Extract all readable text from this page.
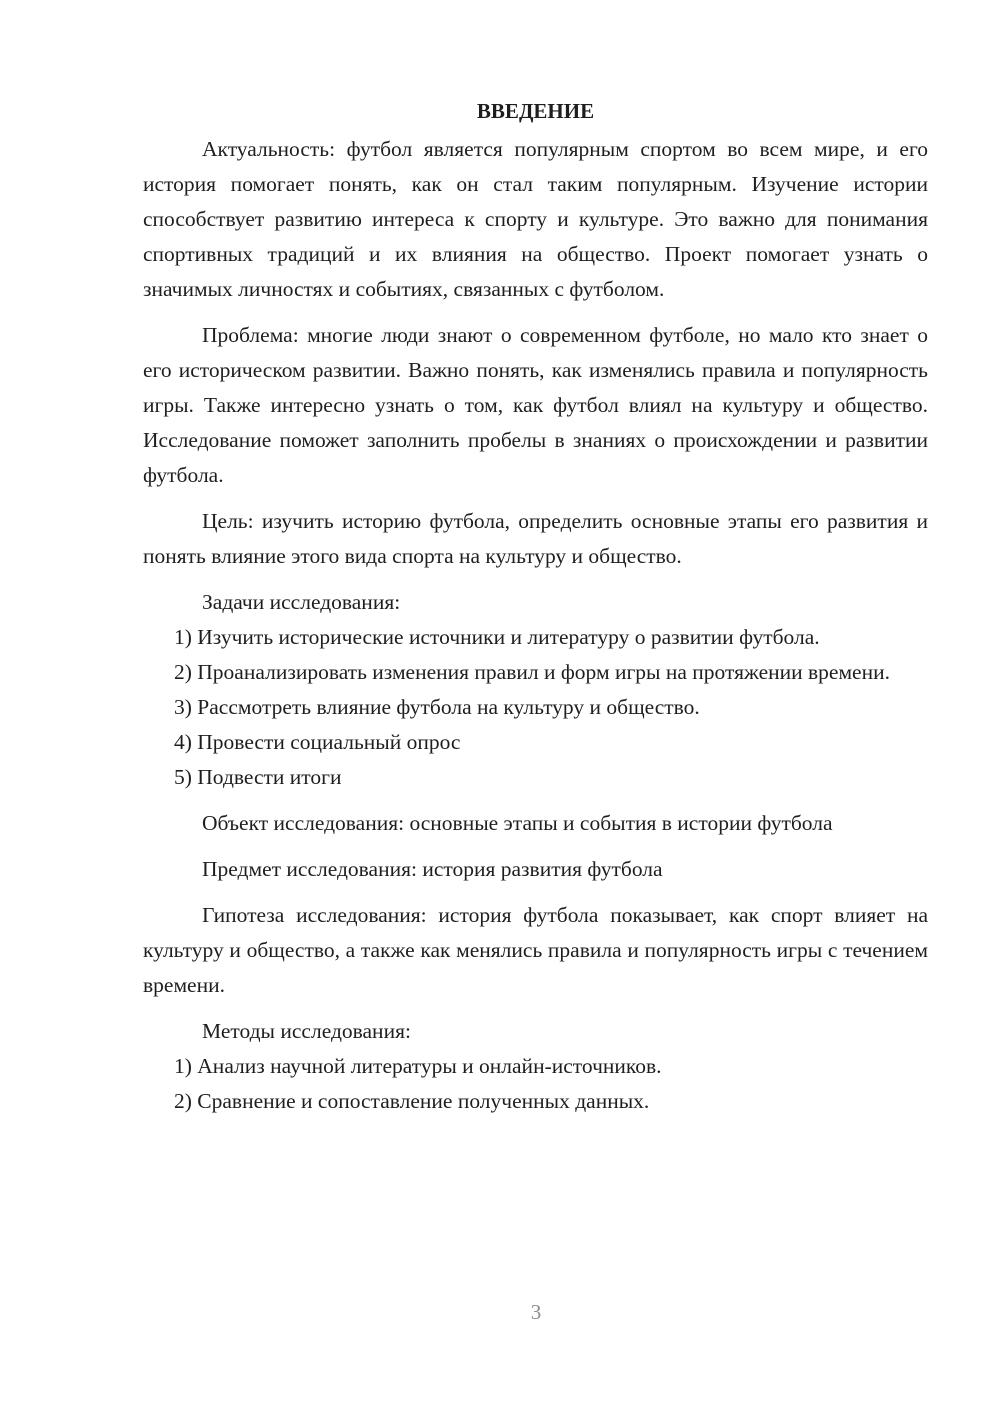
ВВЕДЕНИЕ

Актуальность: футбол является популярным спортом во всем мире, и его история помогает понять, как он стал таким популярным. Изучение истории способствует развитию интереса к спорту и культуре. Это важно для понимания спортивных традиций и их влияния на общество. Проект помогает узнать о значимых личностях и событиях, связанных с футболом.

Проблема: многие люди знают о современном футболе, но мало кто знает о его историческом развитии. Важно понять, как изменялись правила и популярность игры. Также интересно узнать о том, как футбол влиял на культуру и общество. Исследование поможет заполнить пробелы в знаниях о происхождении и развитии футбола.

Цель: изучить историю футбола, определить основные этапы его развития и понять влияние этого вида спорта на культуру и общество.

Задачи исследования:

1) Изучить исторические источники и литературу о развитии футбола.

2) Проанализировать изменения правил и форм игры на протяжении времени.

3) Рассмотреть влияние футбола на культуру и общество.

4) Провести социальный опрос

5) Подвести итоги

Объект исследования: основные этапы и события в истории футбола

Предмет исследования: история развития футбола

Гипотеза исследования: история футбола показывает, как спорт влияет на культуру и общество, а также как менялись правила и популярность игры с течением времени.

Методы исследования:

1) Анализ научной литературы и онлайн-источников.

2) Сравнение и сопоставление полученных данных.

3
